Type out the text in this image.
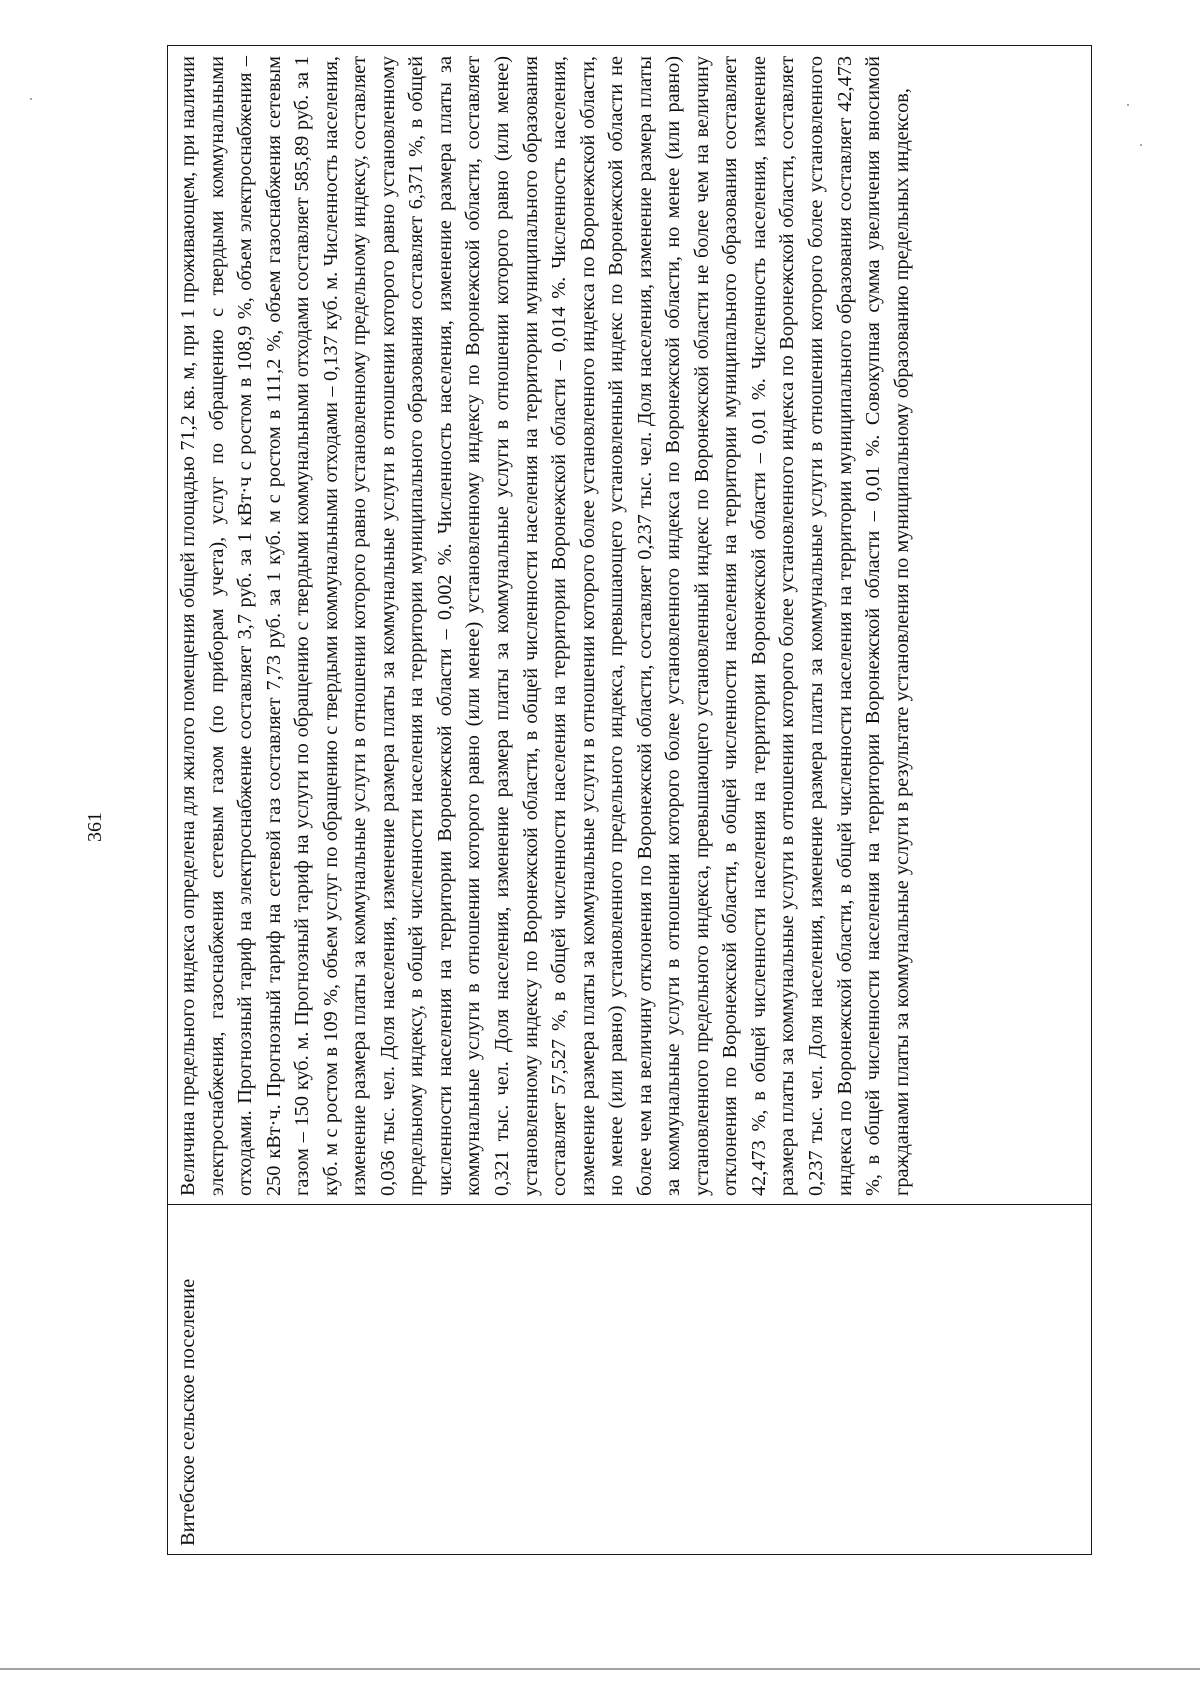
361
Витебское сельское поселение
Величина предельного индекса определена для жилого помещения общей площадью 71,2 кв. м, при 1 проживающем, при наличии электроснабжения, газоснабжения сетевым газом (по приборам учета), услуг по обращению с твердыми коммунальными отходами. Прогнозный тариф на электроснабжение составляет 3,7 руб. за 1 кВт·ч с ростом в 108,9 %, объем электроснабжения – 250 кВт·ч. Прогнозный тариф на сетевой газ составляет 7,73 руб. за 1 куб. м с ростом в 111,2 %, объем газоснабжения сетевым газом – 150 куб. м. Прогнозный тариф на услуги по обращению с твердыми коммунальными отходами составляет 585,89 руб. за 1 куб. м с ростом в 109 %, объем услуг по обращению с твердыми коммунальными отходами – 0,137 куб. м. Численность населения, изменение размера платы за коммунальные услуги в отношении которого равно установленному предельному индексу, составляет 0,036 тыс. чел. Доля населения, изменение размера платы за коммунальные услуги в отношении которого равно установленному предельному индексу, в общей численности населения на территории муниципального образования составляет 6,371 %, в общей численности населения на территории Воронежской области – 0,002 %. Численность населения, изменение размера платы за коммунальные услуги в отношении которого равно (или менее) установленному индексу по Воронежской области, составляет 0,321 тыс. чел. Доля населения, изменение размера платы за коммунальные услуги в отношении которого равно (или менее) установленному индексу по Воронежской области, в общей численности населения на территории муниципального образования составляет 57,527 %, в общей численности населения на территории Воронежской области – 0,014 %. Численность населения, изменение размера платы за коммунальные услуги в отношении которого более установленного индекса по Воронежской области, но менее (или равно) установленного предельного индекса, превышающего установленный индекс по Воронежской области не более чем на величину отклонения по Воронежской области, составляет 0,237 тыс. чел. Доля населения, изменение размера платы за коммунальные услуги в отношении которого более установленного индекса по Воронежской области, но менее (или равно) установленного предельного индекса, превышающего установленный индекс по Воронежской области не более чем на величину отклонения по Воронежской области, в общей численности населения на территории муниципального образования составляет 42,473 %, в общей численности населения на территории Воронежской области – 0,01 %. Численность населения, изменение размера платы за коммунальные услуги в отношении которого более установленного индекса по Воронежской области, составляет 0,237 тыс. чел. Доля населения, изменение размера платы за коммунальные услуги в отношении которого более установленного индекса по Воронежской области, в общей численности населения на территории муниципального образования составляет 42,473 %, в общей численности населения на территории Воронежской области – 0,01 %. Совокупная сумма увеличения вносимой гражданами платы за коммунальные услуги в результате установления по муниципальному образованию предельных индексов,
